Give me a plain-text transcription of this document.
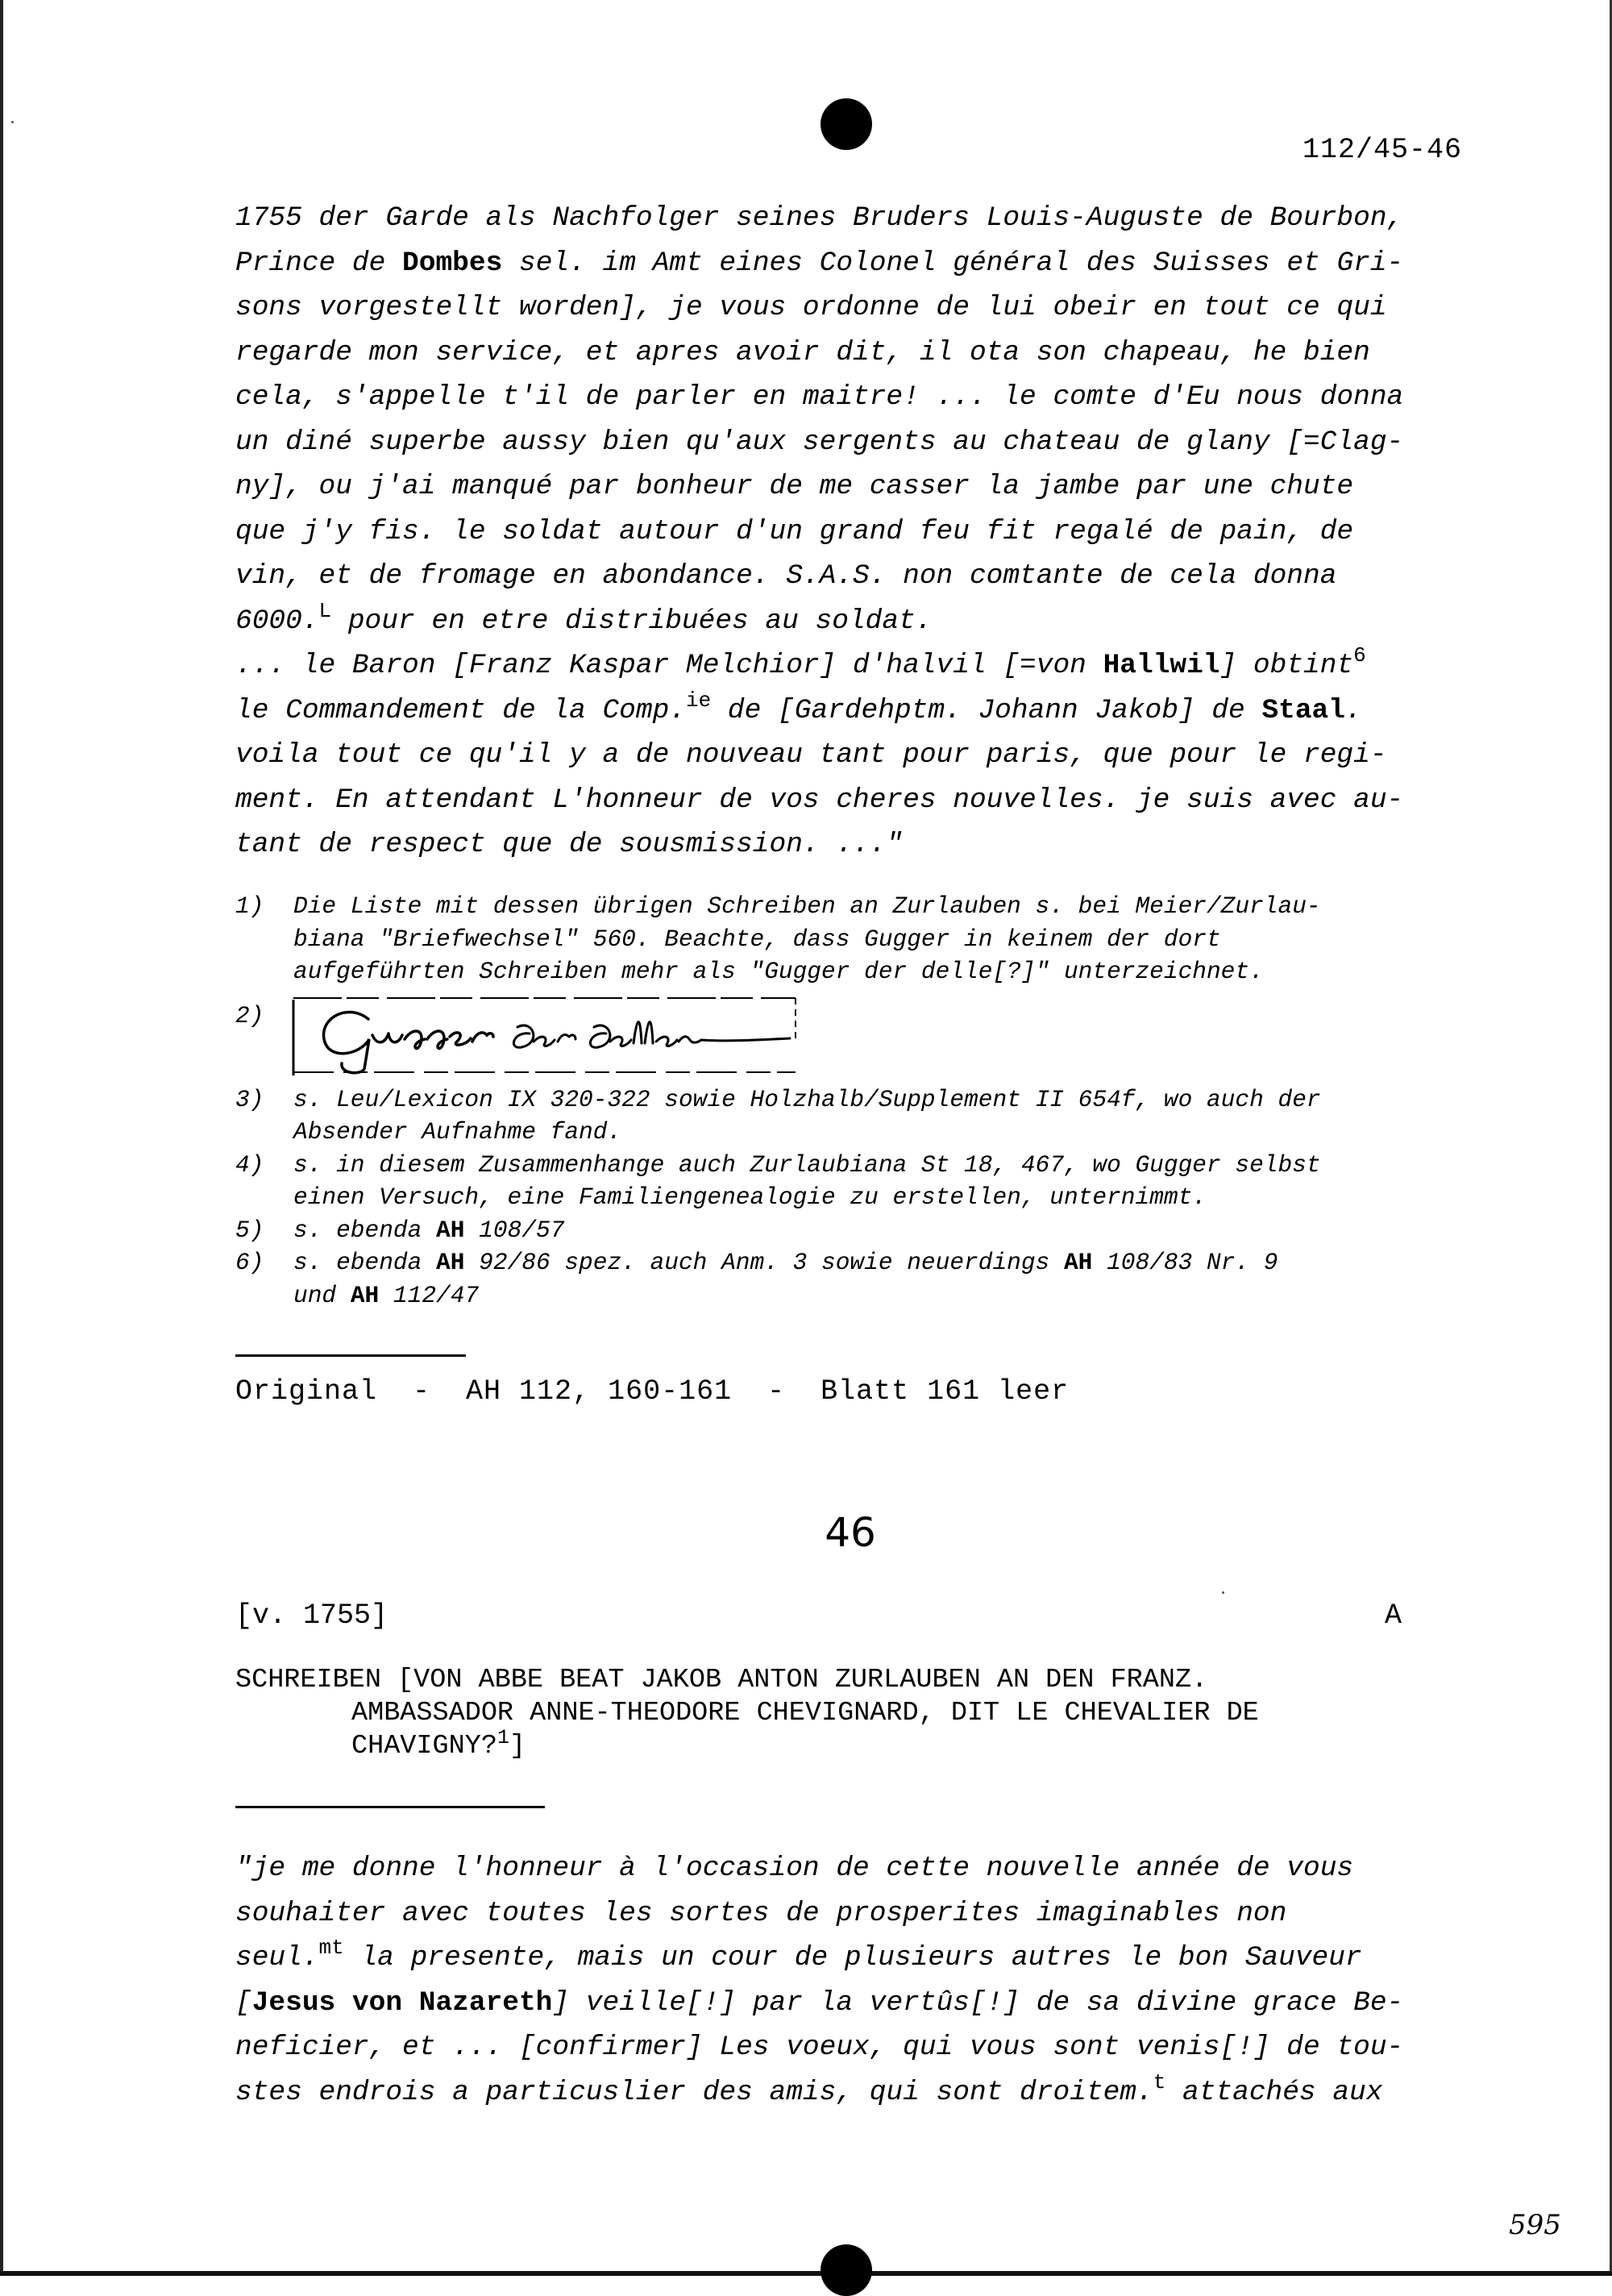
112/45-46
1755 der Garde als Nachfolger seines Bruders Louis-Auguste de Bourbon,
Prince de Dombes sel. im Amt eines Colonel général des Suisses et Gri-
sons vorgestellt worden], je vous ordonne de lui obeir en tout ce qui
regarde mon service, et apres avoir dit, il ota son chapeau, he bien
cela, s'appelle t'il de parler en maitre! ... le comte d'Eu nous donna
un diné superbe aussy bien qu'aux sergents au chateau de glany [=Clag-
ny], ou j'ai manqué par bonheur de me casser la jambe par une chute
que j'y fis. le soldat autour d'un grand feu fit regalé de pain, de
vin, et de fromage en abondance. S.A.S. non comtante de cela donna
6000.$^L$ pour en etre distribuées au soldat.
... le Baron [Franz Kaspar Melchior] d'halvil [=von Hallwil] obtint$^6$
le Commandement de la Comp.$^{ie}$ de [Gardehptm. Johann Jakob] de Staal.
voila tout ce qu'il y a de nouveau tant pour paris, que pour le regi-
ment. En attendant L'honneur de vos cheres nouvelles. je suis avec au-
tant de respect que de sousmission. ..."
1) Die Liste mit dessen übrigen Schreiben an Zurlauben s. bei Meier/Zurlau-
biana "Briefwechsel" 560. Beachte, dass Gugger in keinem der dort
aufgeführten Schreiben mehr als "Gugger der delle[?]" unterzeichnet.
2)
3) s. Leu/Lexicon IX 320-322 sowie Holzhalb/Supplement II 654f, wo auch der
Absender Aufnahme fand.
4) s. in diesem Zusammenhange auch Zurlaubiana St 18, 467, wo Gugger selbst
einen Versuch, eine Familiengenealogie zu erstellen, unternimmt.
5) s. ebenda AH 108/57
6) s. ebenda AH 92/86 spez. auch Anm. 3 sowie neuerdings AH 108/83 Nr. 9
und AH 112/47
Original  -  AH 112, 160-161  -  Blatt 161 leer
46
[v. 1755]	A
SCHREIBEN [VON ABBE BEAT JAKOB ANTON ZURLAUBEN AN DEN FRANZ.
AMBASSADOR ANNE-THEODORE CHEVIGNARD, DIT LE CHEVALIER DE
CHAVIGNY?$^1$]
"je me donne l'honneur à l'occasion de cette nouvelle année de vous
souhaiter avec toutes les sortes de prosperites imaginables non
seul.$^{mt}$ la presente, mais un cour de plusieurs autres le bon Sauveur
[Jesus von Nazareth] veille[!] par la vertûs[!] de sa divine grace Be-
neficier, et ... [confirmer] Les voeux, qui vous sont venis[!] de tou-
stes endrois a particuslier des amis, qui sont droitem.$^t$ attachés aux
595
